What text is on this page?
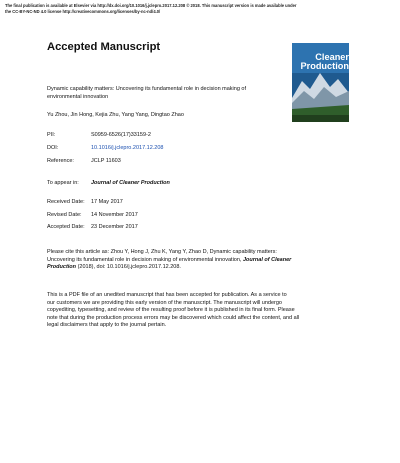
The final publication is available at Elsevier via http://dx.doi.org/10.1016/j.jclepro.2017.12.208 © 2018. This manuscript version is made available under
the CC-BY-NC-ND 4.0 license http://creativecommons.org/licenses/by-nc-nd/4.0/
Accepted Manuscript
Cleaner
Production
Dynamic capability matters: Uncovering its fundamental role in decision making of environmental innovation
Yu Zhou, Jin Hong, Kejia Zhu, Yang Yang, Dingtao Zhao
PII:	S0959-6526(17)33159-2
DOI:	10.1016/j.jclepro.2017.12.208
Reference:	JCLP 11603
To appear in: Journal of Cleaner Production
Received Date: 17 May 2017
Revised Date: 14 November 2017
Accepted Date: 23 December 2017
Please cite this article as: Zhou Y, Hong J, Zhu K, Yang Y, Zhao D, Dynamic capability matters:
Uncovering its fundamental role in decision making of environmental innovation, Journal of Cleaner
Production (2018), doi: 10.1016/j.jclepro.2017.12.208.
This is a PDF file of an unedited manuscript that has been accepted for publication. As a service to
our customers we are providing this early version of the manuscript. The manuscript will undergo
copyediting, typesetting, and review of the resulting proof before it is published in its final form. Please
note that during the production process errors may be discovered which could affect the content, and all
legal disclaimers that apply to the journal pertain.
